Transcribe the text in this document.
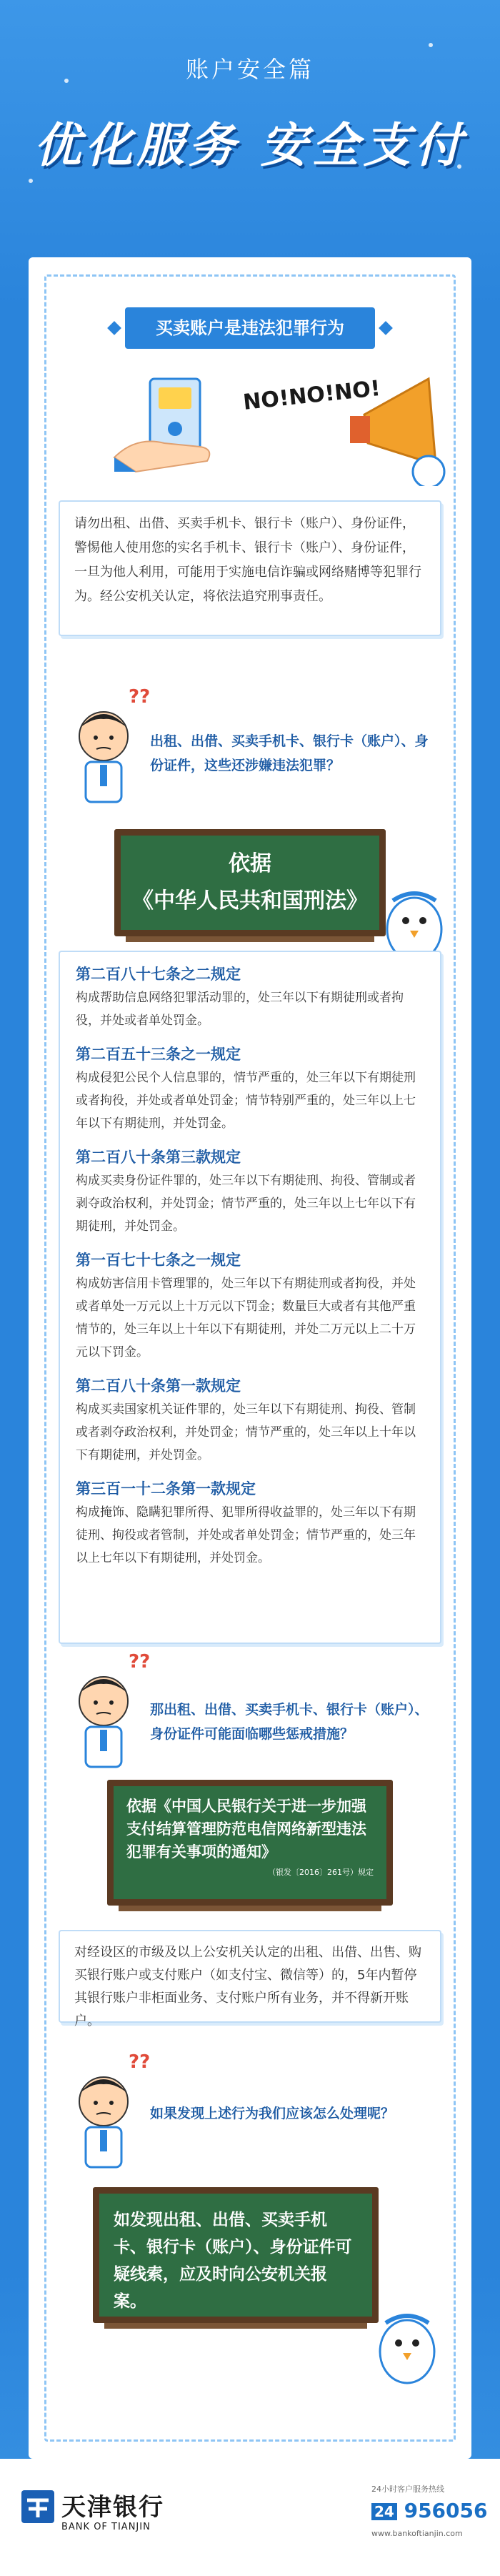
账户安全篇
优化服务 安全支付
买卖账户是违法犯罪行为
NO!NO!NO!
请勿出租、出借、买卖手机卡、银行卡（账户）、身份证件，警惕他人使用您的实名手机卡、银行卡（账户）、身份证件，一旦为他人利用，可能用于实施电信诈骗或网络赌博等犯罪行为。经公安机关认定，将依法追究刑事责任。
??
出租、出借、买卖手机卡、银行卡（账户）、身份证件，这些还涉嫌违法犯罪？
依据
《中华人民共和国刑法》
第二百八十七条之二规定
构成帮助信息网络犯罪活动罪的，处三年以下有期徒刑或者拘役，并处或者单处罚金。
第二百五十三条之一规定
构成侵犯公民个人信息罪的，情节严重的，处三年以下有期徒刑或者拘役，并处或者单处罚金；情节特别严重的，处三年以上七年以下有期徒刑，并处罚金。
第二百八十条第三款规定
构成买卖身份证件罪的，处三年以下有期徒刑、拘役、管制或者剥夺政治权利，并处罚金；情节严重的，处三年以上七年以下有期徒刑，并处罚金。
第一百七十七条之一规定
构成妨害信用卡管理罪的，处三年以下有期徒刑或者拘役，并处或者单处一万元以上十万元以下罚金；数量巨大或者有其他严重情节的，处三年以上十年以下有期徒刑，并处二万元以上二十万元以下罚金。
第二百八十条第一款规定
构成买卖国家机关证件罪的，处三年以下有期徒刑、拘役、管制或者剥夺政治权利，并处罚金；情节严重的，处三年以上十年以下有期徒刑，并处罚金。
第三百一十二条第一款规定
构成掩饰、隐瞒犯罪所得、犯罪所得收益罪的，处三年以下有期徒刑、拘役或者管制，并处或者单处罚金；情节严重的，处三年以上七年以下有期徒刑，并处罚金。
??
那出租、出借、买卖手机卡、银行卡（账户）、身份证件可能面临哪些惩戒措施？
依据《中国人民银行关于进一步加强支付结算管理防范电信网络新型违法犯罪有关事项的通知》
（银发〔2016〕261号）规定
对经设区的市级及以上公安机关认定的出租、出借、出售、购买银行账户或支付账户（如支付宝、微信等）的，5年内暂停其银行账户非柜面业务、支付账户所有业务，并不得新开账户。
??
如果发现上述行为我们应该怎么处理呢？
如发现出租、出借、买卖手机卡、银行卡（账户）、身份证件可疑线索，应及时向公安机关报案。
天津银行
BANK OF TIANJIN
24小时客户服务热线
24 956056
www.bankoftianjin.com
